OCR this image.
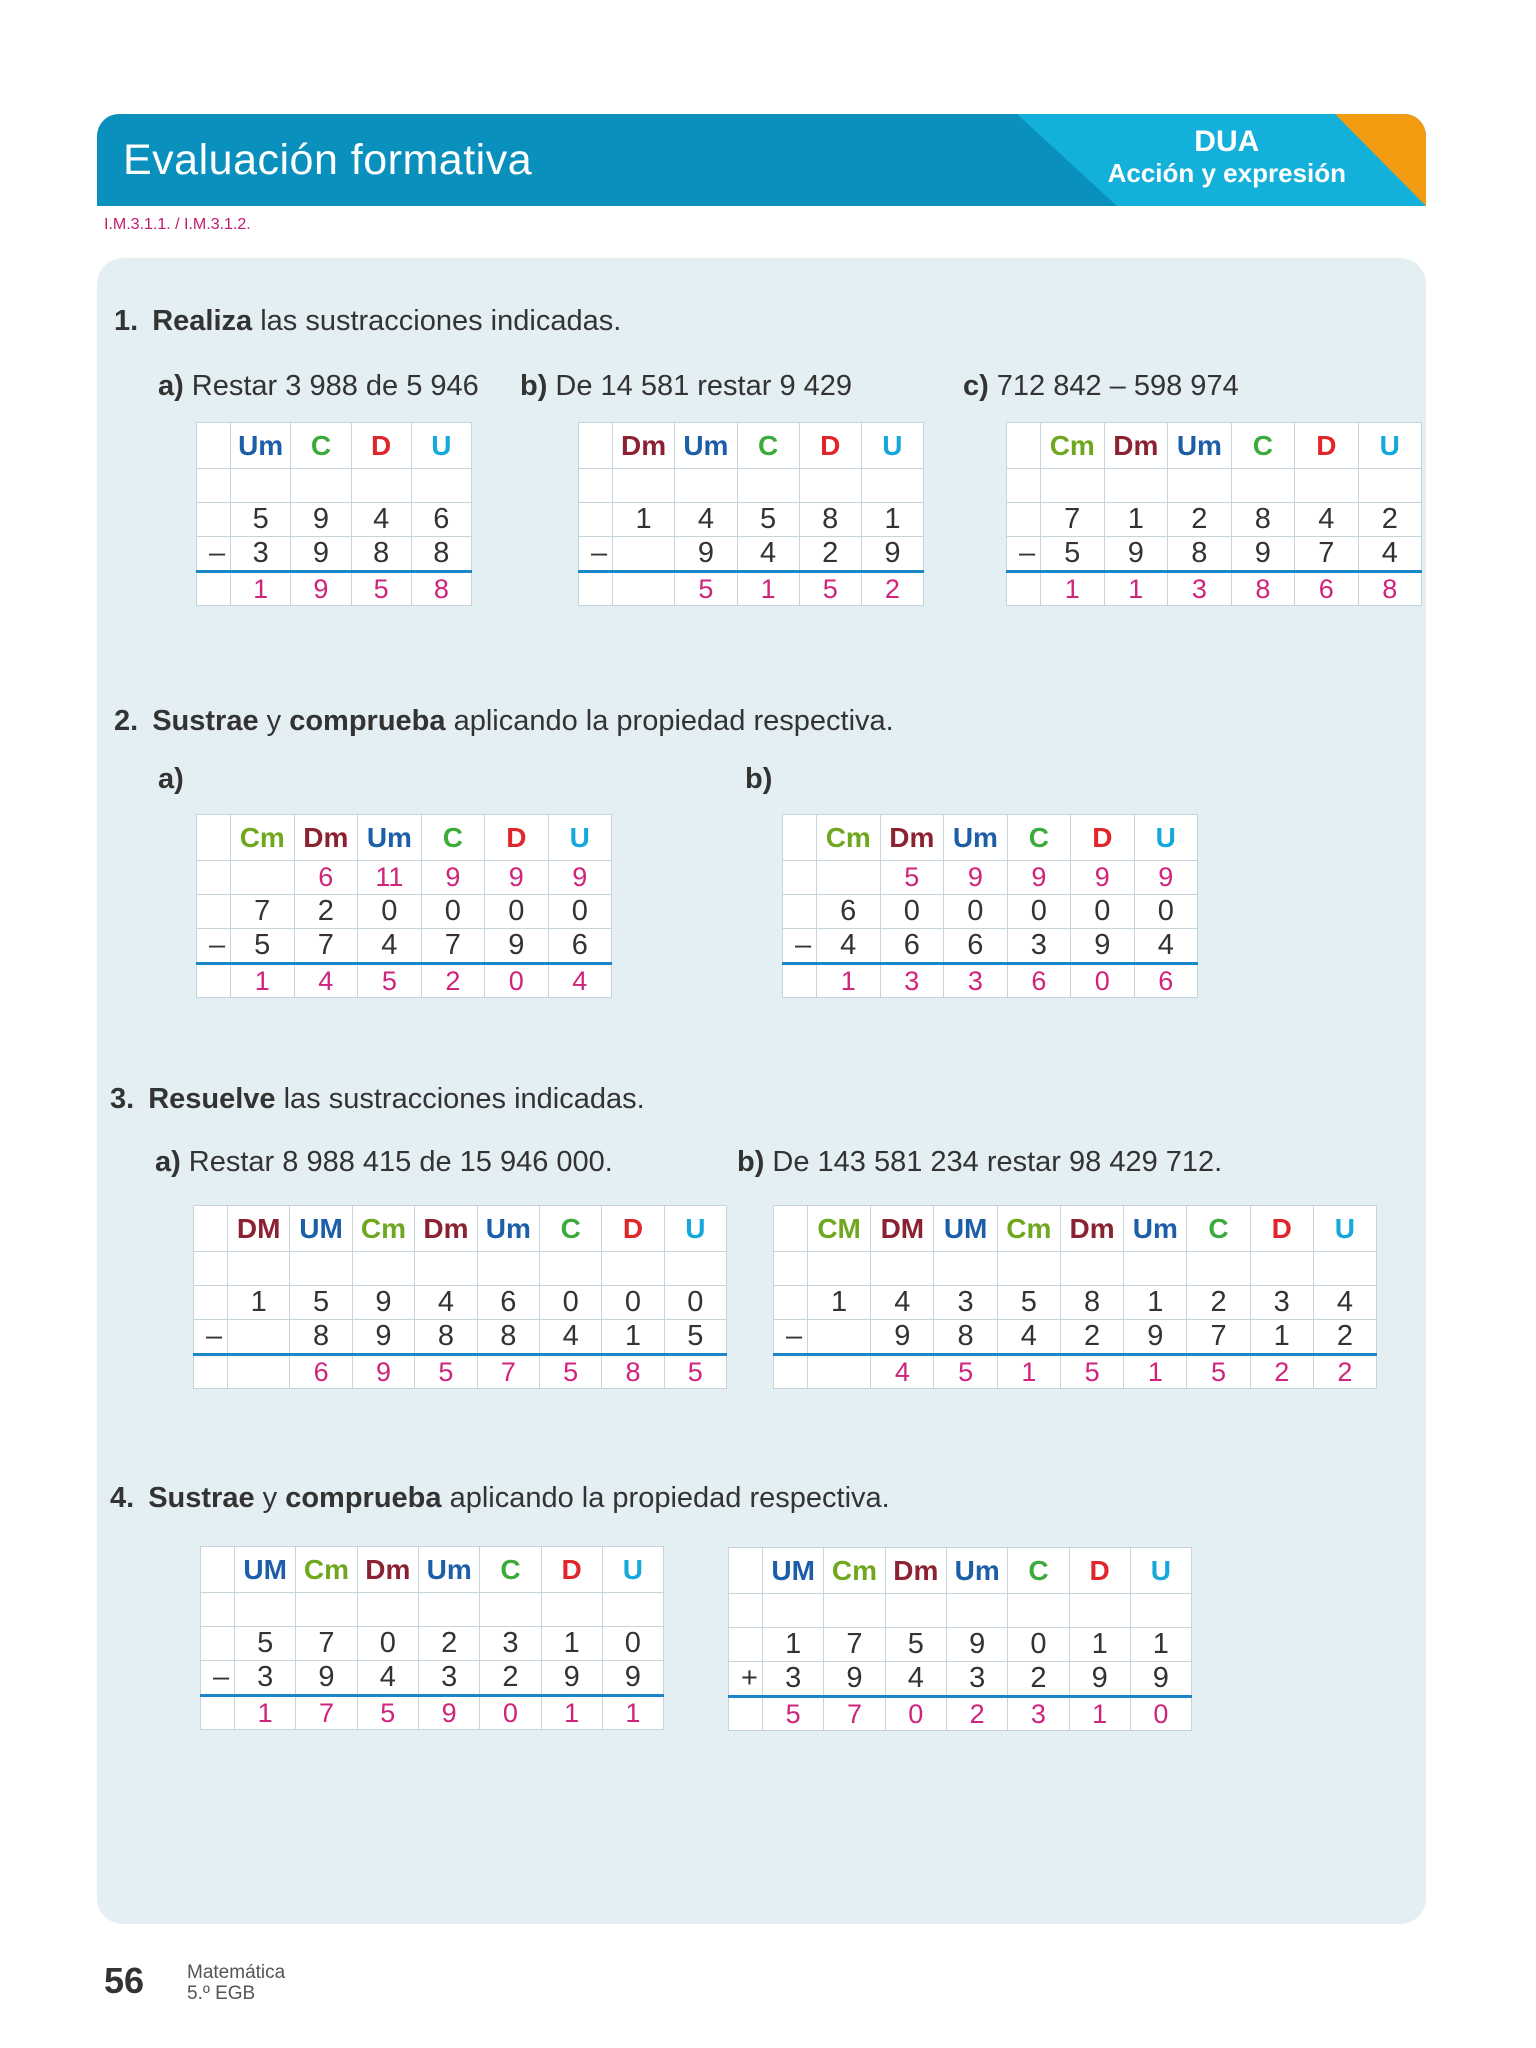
Evaluación formativa	DUA
Acción y expresión
I.M.3.1.1. / I.M.3.1.2.
1. Realiza las sustracciones indicadas.
a) Restar 3 988 de 5 946 b) De 14 581 restar 9 429	c) 712 842 – 598 974
	Um	C	D	U

	5	9	4	6
–	3	9	8	8
	1	9	5	8
	Dm	Um	C	D	U

	1	4	5	8	1
–		9	4	2	9
		5	1	5	2
	Cm	Dm	Um	C	D	U

	7	1	2	8	4	2
–	5	9	8	9	7	4
	1	1	3	8	6	8
2. Sustrae y comprueba aplicando la propiedad respectiva.
a)	b)
	Cm	Dm	Um	C	D	U
		6	11	9	9	9
	7	2	0	0	0	0
–	5	7	4	7	9	6
	1	4	5	2	0	4
	Cm	Dm	Um	C	D	U
		5	9	9	9	9
	6	0	0	0	0	0
–	4	6	6	3	9	4
	1	3	3	6	0	6
3. Resuelve las sustracciones indicadas.
a) Restar 8 988 415 de 15 946 000.	b) De 143 581 234 restar 98 429 712.
	DM	UM	Cm	Dm	Um	C	D	U

	1	5	9	4	6	0	0	0
–		8	9	8	8	4	1	5
		6	9	5	7	5	8	5
	CM	DM	UM	Cm	Dm	Um	C	D	U

	1	4	3	5	8	1	2	3	4
–		9	8	4	2	9	7	1	2
		4	5	1	5	1	5	2	2
4. Sustrae y comprueba aplicando la propiedad respectiva.
	UM	Cm	Dm	Um	C	D	U

	5	7	0	2	3	1	0
–	3	9	4	3	2	9	9
	1	7	5	9	0	1	1
	UM	Cm	Dm	Um	C	D	U

	1	7	5	9	0	1	1
+	3	9	4	3	2	9	9
	5	7	0	2	3	1	0
56 Matemática
5.º EGB
